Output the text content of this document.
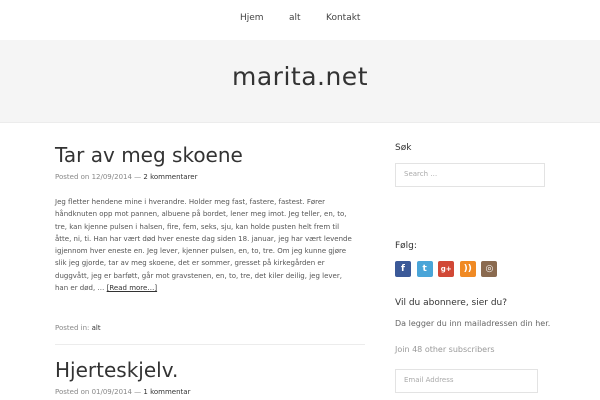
Hjem	alt	Kontakt
marita.net
Tar av meg skoene
Posted on 12/09/2014 — 2 kommentarer

Jeg fletter hendene mine i hverandre. Holder meg fast, fastere, fastest. Fører håndknuten opp mot pannen, albuene på bordet, lener meg imot. Jeg teller, en, to, tre, kan kjenne pulsen i halsen, fire, fem, seks, sju, kan holde pusten helt frem til åtte, ni, ti. Han har vært død hver eneste dag siden 18. januar, jeg har vært levende igjennom hver eneste en. Jeg lever, kjenner pulsen, en, to, tre. Om jeg kunne gjøre slik jeg gjorde, tar av meg skoene, det er sommer, gresset på kirkegården er duggvått, jeg er barføtt, går mot gravstenen, en, to, tre, det kiler deilig, jeg lever, han er død, … [Read more…]

Posted in: alt
Hjerteskjelv.
Posted on 01/09/2014 — 1 kommentar
Søk
Search …
Følg:
f t g+ )) ◎
Vil du abonnere, sier du?

Da legger du inn mailadressen din her.

Join 48 other subscribers

Email Address
